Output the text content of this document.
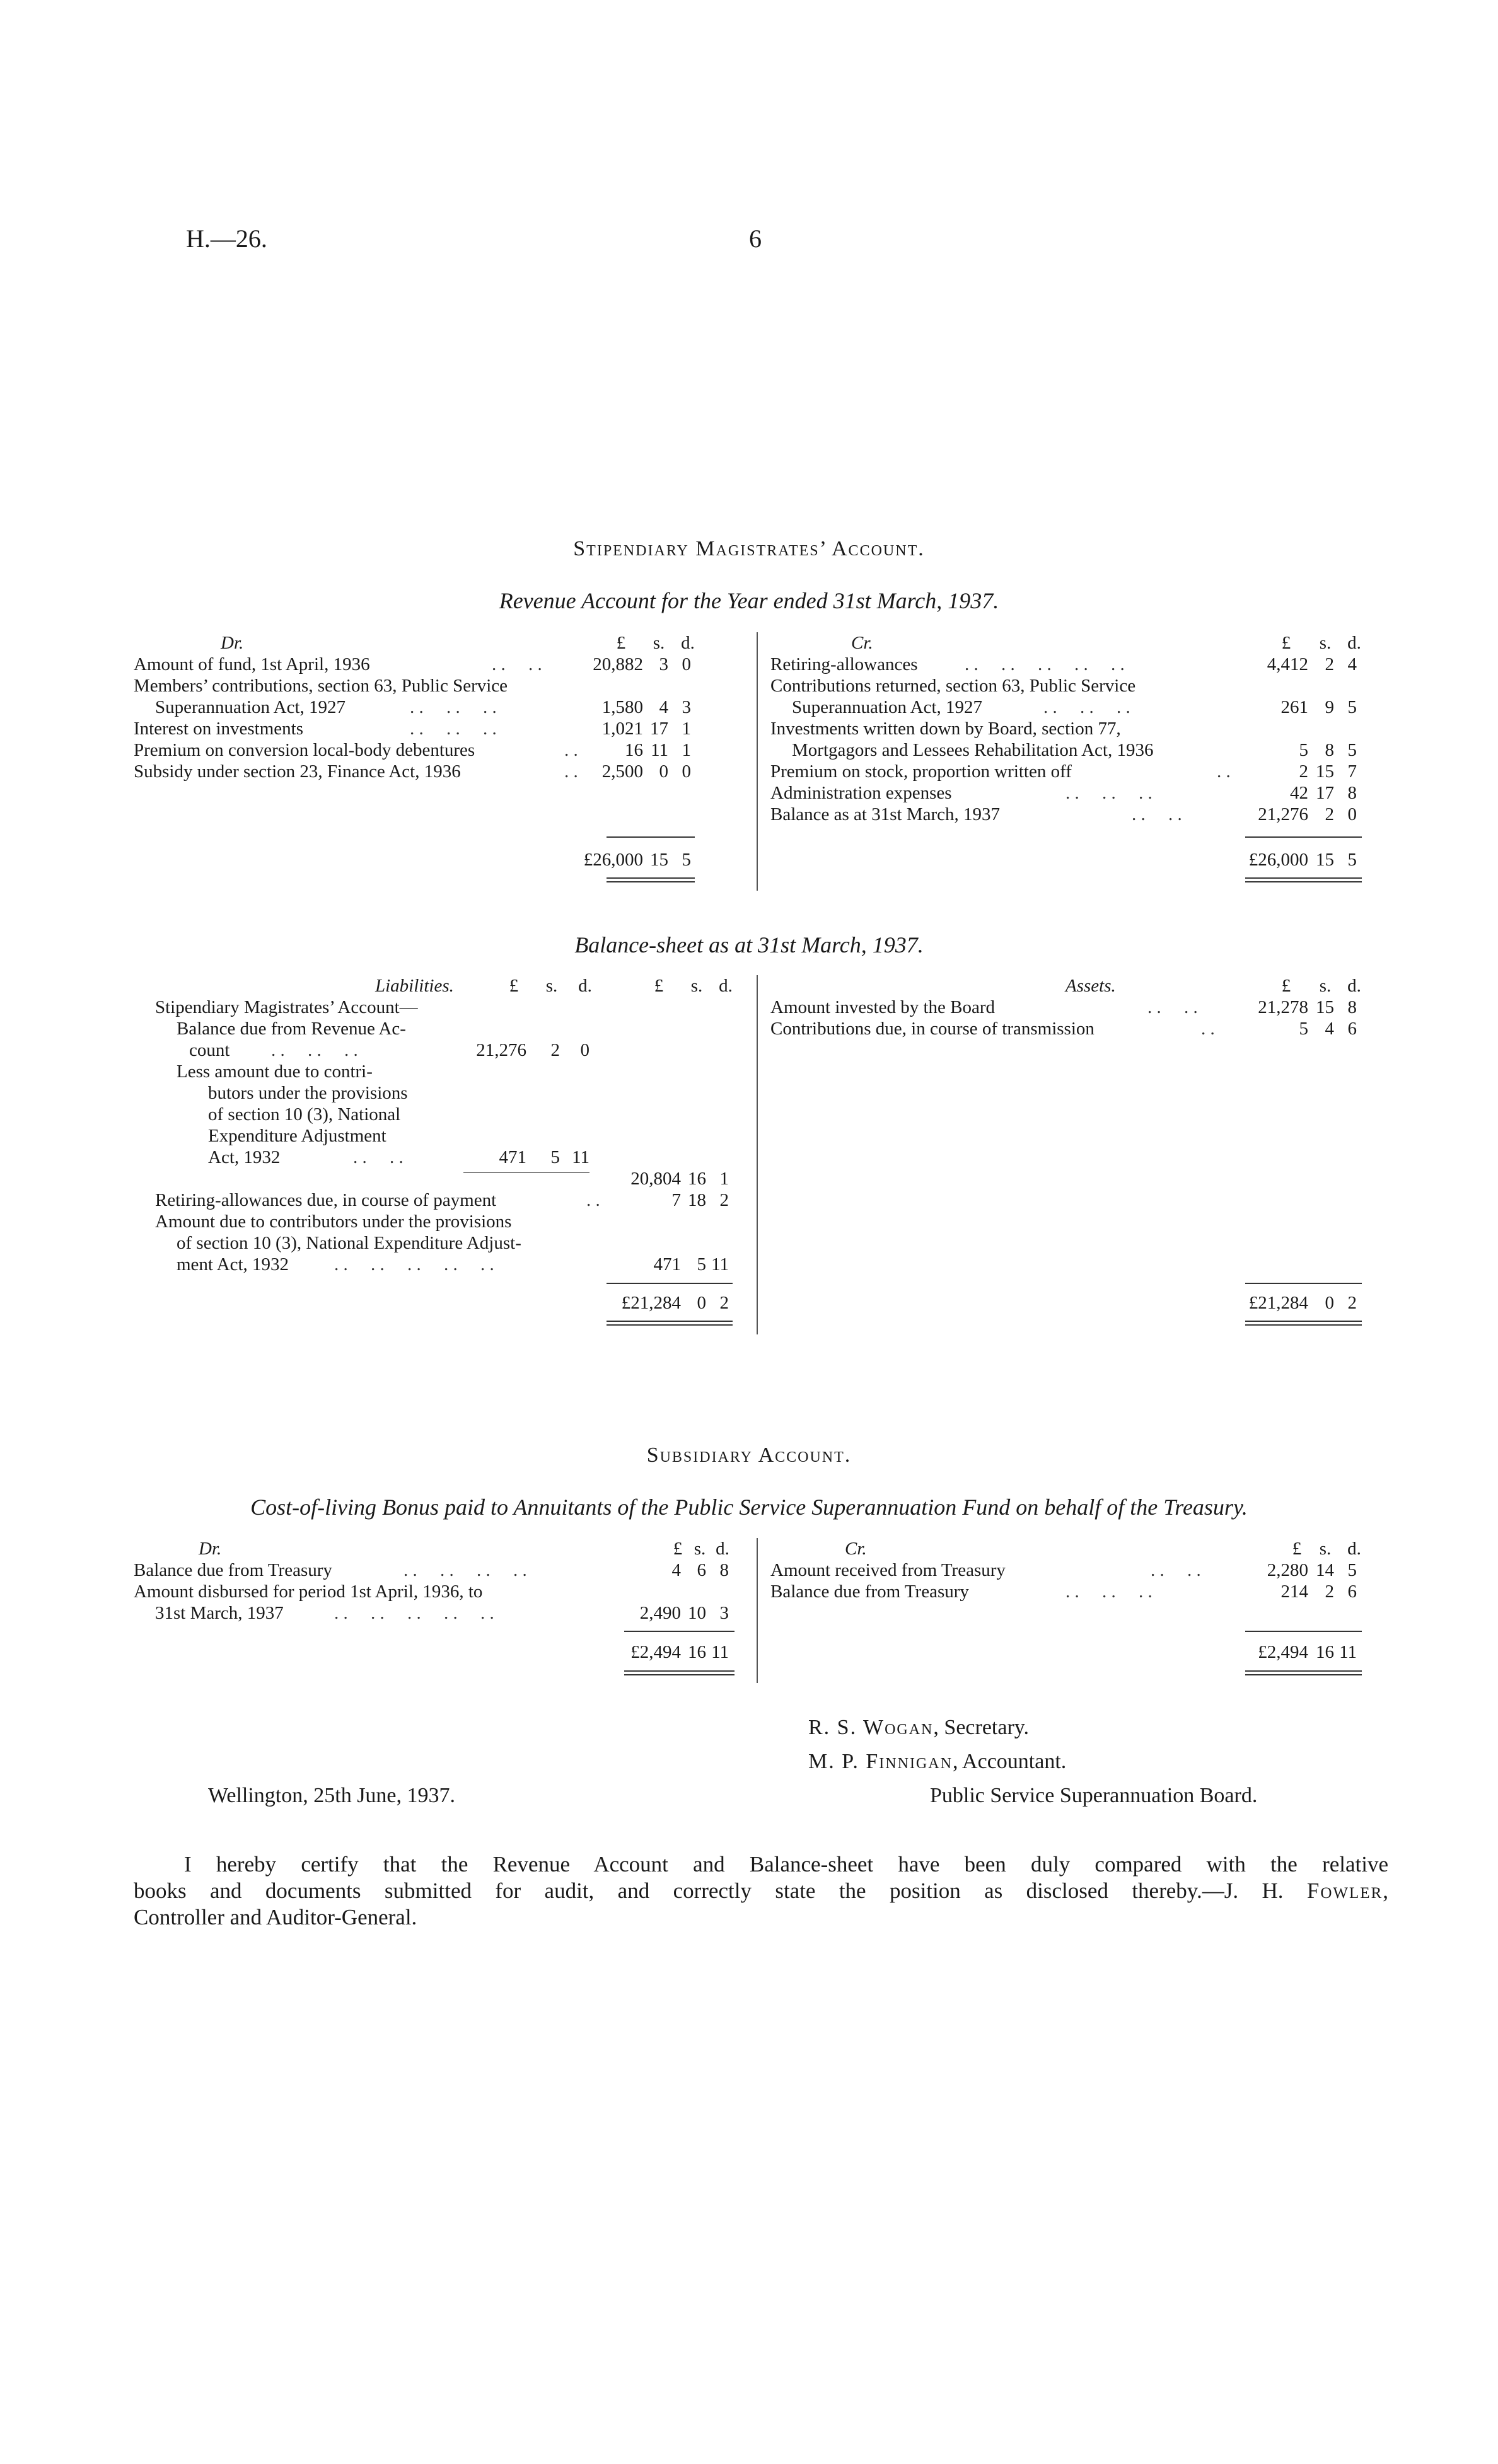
H.—26.	6
Stipendiary Magistrates’ Account.
Revenue Account for the Year ended 31st March, 1937.
Dr.	£ s. d.
Amount of fund, 1st April, 1936	. .     . .	20,882 3 0
Members’ contributions, section 63, Public Service
Superannuation Act, 1927	. .     . .     . .	1,580 4 3
Interest on investments	. .     . .     . .	1,021 17 1
Premium on conversion local-body debentures	. .	16 11 1
Subsidy under section 23, Finance Act, 1936	. .	2,500 0 0
£26,000 15 5
Cr.	£ s. d.
Retiring-allowances	. .     . .     . .     . .     . .	4,412 2 4
Contributions returned, section 63, Public Service
Superannuation Act, 1927	. .     . .     . .	261 9 5
Investments written down by Board, section 77,
Mortgagors and Lessees Rehabilitation Act, 1936	5 8 5
Premium on stock, proportion written off	. .	2 15 7
Administration expenses	. .     . .     . .	42 17 8
Balance as at 31st March, 1937	. .     . .	21,276 2 0
£26,000 15 5
Balance-sheet as at 31st March, 1937.
Liabilities.	£ s. d.	£ s. d.
Stipendiary Magistrates’ Account—
Balance due from Revenue Ac-
count . .     . .     . .	21,276	2	0
Less amount due to contri-
butors under the provisions
of section 10 (3), National
Expenditure Adjustment
Act, 1932	. .     . .	471	5 11
20,804 16 1
Retiring-allowances due, in course of payment	. .	7 18 2
Amount due to contributors under the provisions
of section 10 (3), National Expenditure Adjust-
ment Act, 1932 . .     . .     . .     . .     . .	471 5 11
£21,284 0 2
Assets.	£ s. d.
Amount invested by the Board	. .     . .	21,278 15 8
Contributions due, in course of transmission	. .	5 4 6
£21,284 0 2
Subsidiary Account.
Cost-of-living Bonus paid to Annuitants of the Public Service Superannuation Fund on behalf of the Treasury.
Dr.	£ s. d.
Balance due from Treasury	. .     . .     . .     . .	4 6 8
Amount disbursed for period 1st April, 1936, to
31st March, 1937	. .     . .     . .     . .     . .	2,490 10 3
£2,494 16 11
Cr.	£ s. d.
Amount received from Treasury	. .     . .	2,280 14 5
Balance due from Treasury	. .     . .     . .	214 2 6
£2,494 16 11
R. S. Wogan, Secretary.
M. P. Finnigan, Accountant.
Public Service Superannuation Board.
Wellington, 25th June, 1937.
I hereby certify that the Revenue Account and Balance-sheet have been duly compared with the relative
books and documents submitted for audit, and correctly state the position as disclosed thereby.—J. H. Fowler,
Controller and Auditor-General.
